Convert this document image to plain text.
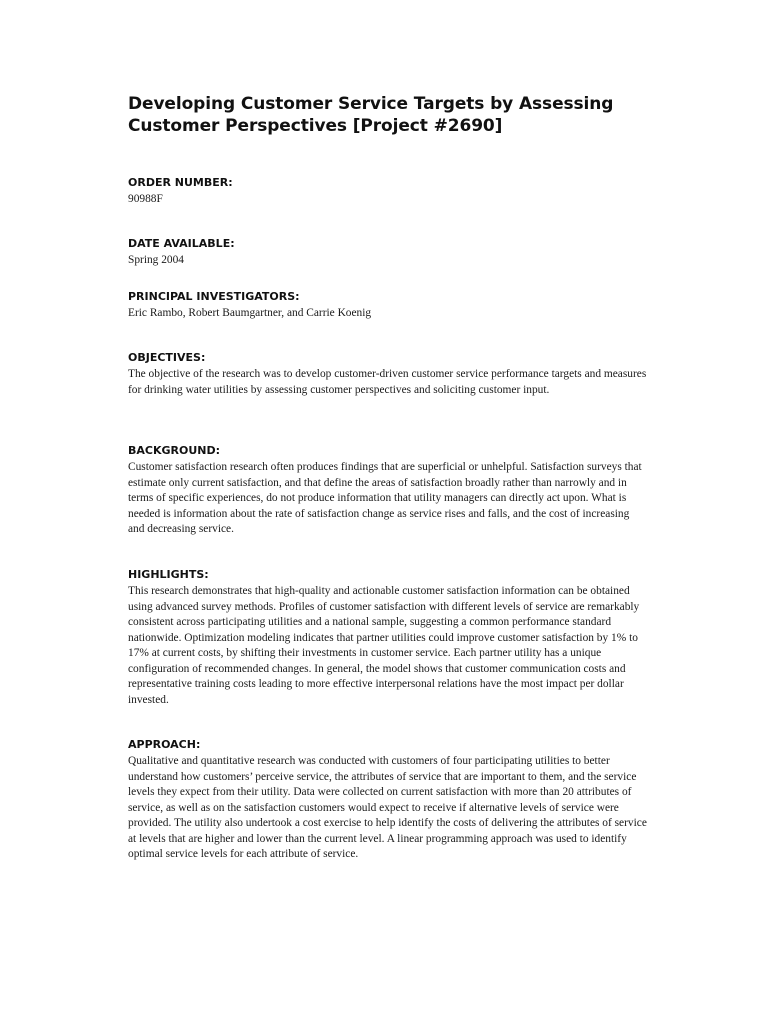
Developing Customer Service Targets by Assessing Customer Perspectives [Project #2690]
ORDER NUMBER:

90988F

DATE AVAILABLE:

Spring 2004

PRINCIPAL INVESTIGATORS:

Eric Rambo, Robert Baumgartner, and Carrie Koenig

OBJECTIVES:

The objective of the research was to develop customer-driven customer service performance targets and measures for drinking water utilities by assessing customer perspectives and soliciting customer input.

BACKGROUND:

Customer satisfaction research often produces findings that are superficial or unhelpful. Satisfaction surveys that estimate only current satisfaction, and that define the areas of satisfaction broadly rather than narrowly and in terms of specific experiences, do not produce information that utility managers can directly act upon. What is needed is information about the rate of satisfaction change as service rises and falls, and the cost of increasing and decreasing service.

HIGHLIGHTS:

This research demonstrates that high-quality and actionable customer satisfaction information can be obtained using advanced survey methods. Profiles of customer satisfaction with different levels of service are remarkably consistent across participating utilities and a national sample, suggesting a common performance standard nationwide. Optimization modeling indicates that partner utilities could improve customer satisfaction by 1% to 17% at current costs, by shifting their investments in customer service. Each partner utility has a unique configuration of recommended changes. In general, the model shows that customer communication costs and representative training costs leading to more effective interpersonal relations have the most impact per dollar invested.

APPROACH:

Qualitative and quantitative research was conducted with customers of four participating utilities to better understand how customers’ perceive service, the attributes of service that are important to them, and the service levels they expect from their utility. Data were collected on current satisfaction with more than 20 attributes of service, as well as on the satisfaction customers would expect to receive if alternative levels of service were provided. The utility also undertook a cost exercise to help identify the costs of delivering the attributes of service at levels that are higher and lower than the current level. A linear programming approach was used to identify optimal service levels for each attribute of service.
